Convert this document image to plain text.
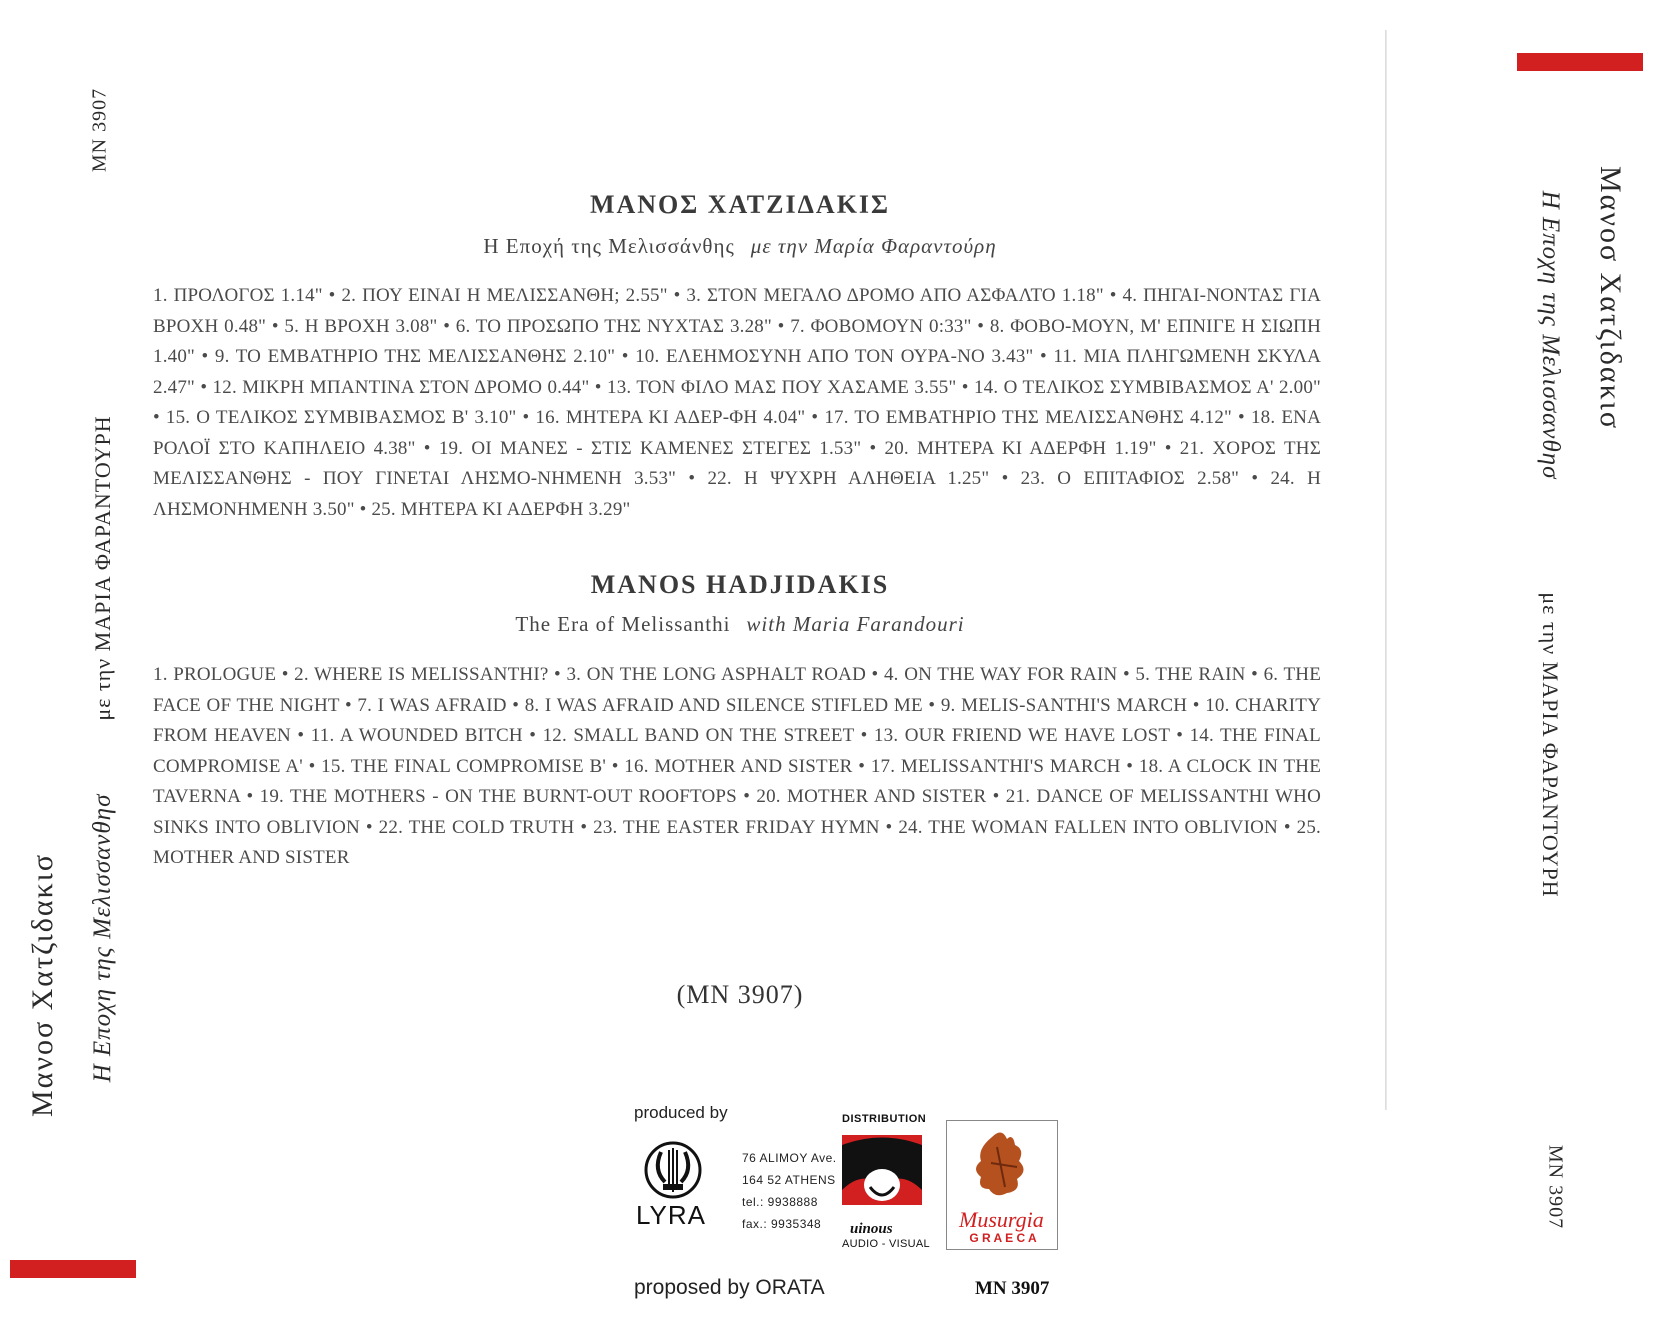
MN 3907
με την ΜΑΡΙΑ ΦΑΡΑΝΤΟΥΡΗ
Η Εποχη της Μελισσανθησ
Μανοσ Χατζιδακισ
Μανοσ Χατζιδακισ
Η Εποχη της Μελισσανθησ
με την ΜΑΡΙΑ ΦΑΡΑΝΤΟΥΡΗ
MN 3907
ΜΑΝΟΣ ΧΑΤΖΙΔΑΚΙΣ
Η Εποχή της Μελισσάνθης με την Μαρία Φαραντούρη
1. ΠΡΟΛΟΓΟΣ 1.14" • 2. ΠΟΥ ΕΙΝΑΙ Η ΜΕΛΙΣΣΑΝΘΗ; 2.55" • 3. ΣΤΟΝ ΜΕΓΑΛΟ ΔΡΟΜΟ ΑΠΟ ΑΣΦΑΛΤΟ 1.18" • 4. ΠΗΓΑΙ-ΝΟΝΤΑΣ ΓΙΑ ΒΡΟΧΗ 0.48" • 5. Η ΒΡΟΧΗ 3.08" • 6. ΤΟ ΠΡΟΣΩΠΟ ΤΗΣ ΝΥΧΤΑΣ 3.28" • 7. ΦΟΒΟΜΟΥΝ 0:33" • 8. ΦΟΒΟ-ΜΟΥΝ, Μ' ΕΠΝΙΓΕ Η ΣΙΩΠΗ 1.40" • 9. ΤΟ ΕΜΒΑΤΗΡΙΟ ΤΗΣ ΜΕΛΙΣΣΑΝΘΗΣ 2.10" • 10. ΕΛΕΗΜΟΣΥΝΗ ΑΠΟ ΤΟΝ ΟΥΡΑ-ΝΟ 3.43" • 11. ΜΙΑ ΠΛΗΓΩΜΕΝΗ ΣΚΥΛΑ 2.47" • 12. ΜΙΚΡΗ ΜΠΑΝΤΙΝΑ ΣΤΟΝ ΔΡΟΜΟ 0.44" • 13. ΤΟΝ ΦΙΛΟ ΜΑΣ ΠΟΥ ΧΑΣΑΜΕ 3.55" • 14. Ο ΤΕΛΙΚΟΣ ΣΥΜΒΙΒΑΣΜΟΣ Α' 2.00" • 15. Ο ΤΕΛΙΚΟΣ ΣΥΜΒΙΒΑΣΜΟΣ Β' 3.10" • 16. ΜΗΤΕΡΑ ΚΙ ΑΔΕΡ-ΦΗ 4.04" • 17. ΤΟ ΕΜΒΑΤΗΡΙΟ ΤΗΣ ΜΕΛΙΣΣΑΝΘΗΣ 4.12" • 18. ΕΝΑ ΡΟΛΟΪ ΣΤΟ ΚΑΠΗΛΕΙΟ 4.38" • 19. ΟΙ ΜΑΝΕΣ - ΣΤΙΣ ΚΑΜΕΝΕΣ ΣΤΕΓΕΣ 1.53" • 20. ΜΗΤΕΡΑ ΚΙ ΑΔΕΡΦΗ 1.19" • 21. ΧΟΡΟΣ ΤΗΣ ΜΕΛΙΣΣΑΝΘΗΣ - ΠΟΥ ΓΙΝΕΤΑΙ ΛΗΣΜΟ-ΝΗΜΕΝΗ 3.53" • 22. Η ΨΥΧΡΗ ΑΛΗΘΕΙΑ 1.25" • 23. Ο ΕΠΙΤΑΦΙΟΣ 2.58" • 24. Η ΛΗΣΜΟΝΗΜΕΝΗ 3.50" • 25. ΜΗΤΕΡΑ ΚΙ ΑΔΕΡΦΗ 3.29"
MANOS HADJIDAKIS
The Era of Melissanthi with Maria Farandouri
1. PROLOGUE • 2. WHERE IS MELISSANTHI? • 3. ON THE LONG ASPHALT ROAD • 4. ON THE WAY FOR RAIN • 5. THE RAIN • 6. THE FACE OF THE NIGHT • 7. I WAS AFRAID • 8. I WAS AFRAID AND SILENCE STIFLED ME • 9. MELIS-SANTHI'S MARCH • 10. CHARITY FROM HEAVEN • 11. A WOUNDED BITCH • 12. SMALL BAND ON THE STREET • 13. OUR FRIEND WE HAVE LOST • 14. THE FINAL COMPROMISE A' • 15. THE FINAL COMPROMISE B' • 16. MOTHER AND SISTER • 17. MELISSANTHI'S MARCH • 18. A CLOCK IN THE TAVERNA • 19. THE MOTHERS - ON THE BURNT-OUT ROOFTOPS • 20. MOTHER AND SISTER • 21. DANCE OF MELISSANTHI WHO SINKS INTO OBLIVION • 22. THE COLD TRUTH • 23. THE EASTER FRIDAY HYMN • 24. THE WOMAN FALLEN INTO OBLIVION • 25. MOTHER AND SISTER
(MN 3907)
produced by
LYRA
76 ALIMOY Ave.
164 52 ATHENS
tel.: 9938888
fax.: 9935348
DISTRIBUTION
uinous
AUDIO - VISUAL
Musurgia
G R A E C A
proposed by ORATA	MN 3907
